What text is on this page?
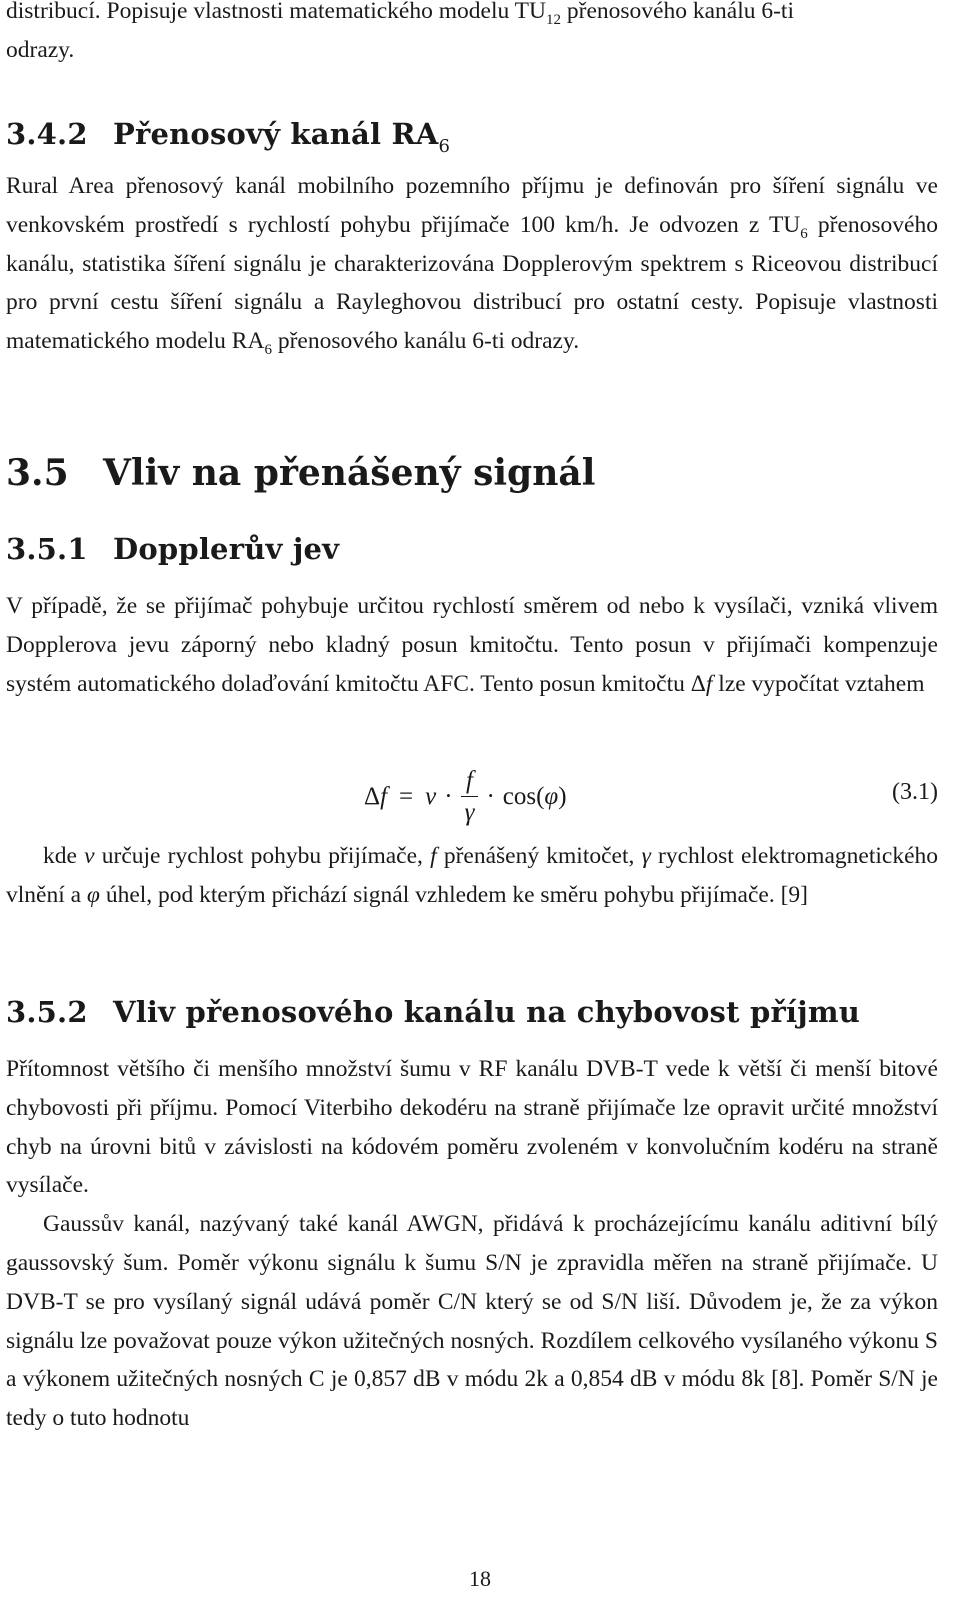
distribucí. Popisuje vlastnosti matematického modelu $TU_{12}$ přenosového kanálu 6-ti
odrazy.

3.4.2 Přenosový kanál $RA_6$

Rural Area přenosový kanál mobilního pozemního příjmu je definován pro šíření signálu ve venkovském prostředí s rychlostí pohybu přijímače 100 km/h. Je odvozen z $TU_6$ přenosového kanálu, statistika šíření signálu je charakterizována Dopplerovým spektrem s Riceovou distribucí pro první cestu šíření signálu a Rayleghovou distribucí pro ostatní cesty. Popisuje vlastnosti matematického modelu $RA_6$ přenosového kanálu 6-ti odrazy.

3.5 Vliv na přenášený signál
3.5.1 Dopplerův jev

V případě, že se přijímač pohybuje určitou rychlostí směrem od nebo k vysílači, vzniká vlivem Dopplerova jevu záporný nebo kladný posun kmitočtu. Tento posun v přijímači kompenzuje systém automatického dolaďování kmitočtu AFC. Tento posun kmitočtu Δf lze vypočítat vztahem

Δ $f = v \cdot \frac{f}{\gamma} \cdot \cos$( φ )	(3.1)

kde v určuje rychlost pohybu přijímače, f přenášený kmitočet, γ rychlost elektromagnetického vlnění a φ úhel, pod kterým přichází signál vzhledem ke směru pohybu přijímače. [9]

3.5.2 Vliv přenosového kanálu na chybovost příjmu

Přítomnost většího či menšího množství šumu v RF kanálu DVB-T vede k větší či menší bitové chybovosti při příjmu. Pomocí Viterbiho dekodéru na straně přijímače lze opravit určité množství chyb na úrovni bitů v závislosti na kódovém poměru zvoleném v konvolučním kodéru na straně vysílače.

Gaussův kanál, nazývaný také kanál AWGN, přidává k procházejícímu kanálu aditivní bílý gaussovský šum. Poměr výkonu signálu k šumu S/N je zpravidla měřen na straně přijímače. U DVB-T se pro vysílaný signál udává poměr C/N který se od S/N liší. Důvodem je, že za výkon signálu lze považovat pouze výkon užitečných nosných. Rozdílem celkového vysílaného výkonu S a výkonem užitečných nosných C je 0,857 dB v módu 2k a 0,854 dB v módu 8k [8]. Poměr S/N je tedy o tuto hodnotu

18
